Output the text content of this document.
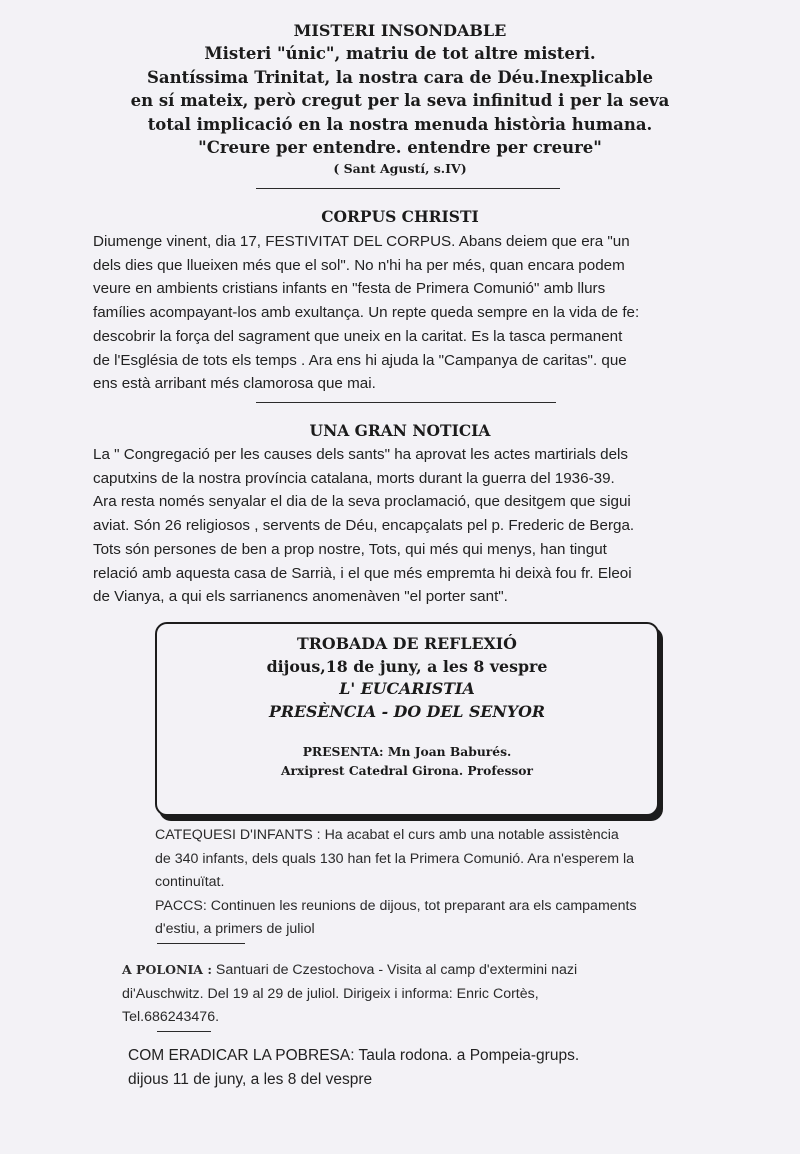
MISTERI INSONDABLE
Misteri "únic", matriu de tot altre misteri.
Santíssima Trinitat, la nostra cara de Déu.Inexplicable
en sí mateix, però cregut per la seva infinitud i per la seva
total implicació en la nostra menuda història humana.
"Creure per entendre. entendre per creure"
( Sant Agustí, s.IV)
CORPUS CHRISTI
Diumenge vinent, dia 17, FESTIVITAT DEL CORPUS. Abans deiem que era "un
dels dies que llueixen més que el sol". No n'hi ha per més, quan encara podem
veure en ambients cristians infants en "festa de Primera Comunió" amb llurs
famílies acompayant-los amb exultança. Un repte queda sempre en la vida de fe:
descobrir la força del sagrament que uneix en la caritat. Es la tasca permanent
de l'Església de tots els temps . Ara ens hi ajuda la "Campanya de caritas". que
ens està arribant més clamorosa que mai.
UNA GRAN NOTICIA
La " Congregació per les causes dels sants" ha aprovat les actes martirials dels
caputxins de la nostra província catalana, morts durant la guerra del 1936-39.
Ara resta només senyalar el dia de la seva proclamació, que desitgem que sigui
aviat. Són 26 religiosos , servents de Déu, encapçalats pel p. Frederic de Berga.
Tots són persones de ben a prop nostre, Tots, qui més qui menys, han tingut
relació amb aquesta casa de Sarrià, i el que més empremta hi deixà fou fr. Eleoi
de Vianya, a qui els sarrianencs anomenàven "el porter sant".
TROBADA DE REFLEXIÓ
dijous,18 de juny, a les 8 vespre
L' EUCARISTIA
PRESÈNCIA - DO DEL SENYOR
PRESENTA: Mn Joan Baburés.
Arxiprest Catedral Girona. Professor
CATEQUESI D'INFANTS : Ha acabat el curs amb una notable assistència
de 340 infants, dels quals 130 han fet la Primera Comunió. Ara n'esperem la
continuïtat.
PACCS: Continuen les reunions de dijous, tot preparant ara els campaments
d'estiu, a primers de juliol
A POLONIA : Santuari de Czestochova - Visita al camp d'extermini nazi
di'Auschwitz. Del 19 al 29 de juliol. Dirigeix i informa: Enric Cortès,
Tel.686243476.
COM ERADICAR LA POBRESA: Taula rodona. a Pompeia-grups.
dijous 11 de juny, a les 8 del vespre
